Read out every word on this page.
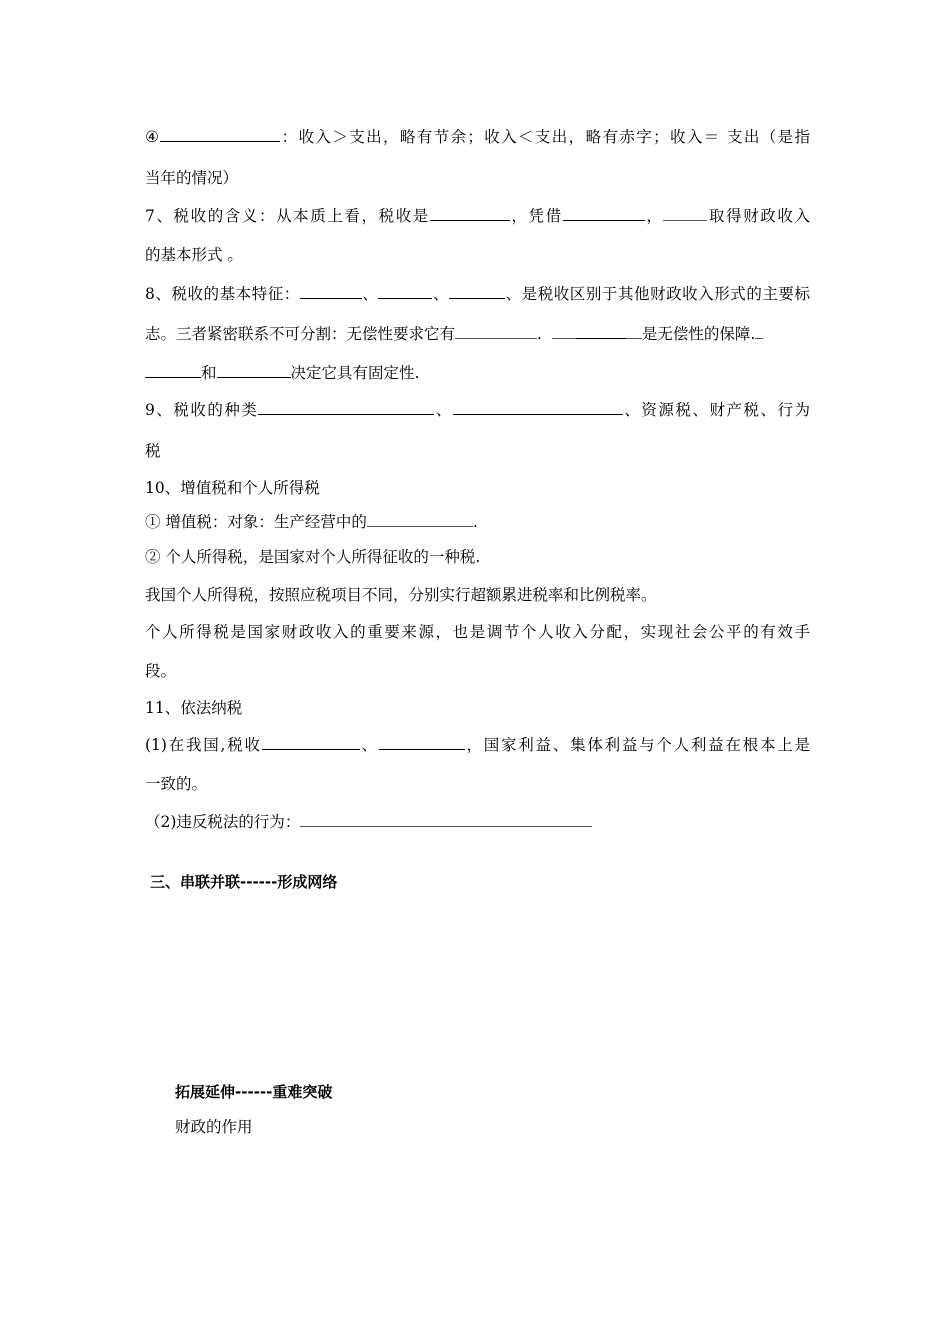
④	：收入＞支出，略有节余；收入＜支出，略有赤字；收入＝ 支出（是指
当年的情况）
7、税收的含义：从本质上看，税收是	，凭借	，	取得财政收入
的基本形式 。
8、税收的基本特征：	、	、	、是税收区别于其他财政收入形式的主要标
志。三者紧密联系不可分割：无偿性要求它有	.	是无偿性的保障.
和	决定它具有固定性.
9、税收的种类	、	、资源税、财产税、行为
税
10、增值税和个人所得税
① 增值税：对象：生产经营中的	.
② 个人所得税，是国家对个人所得征收的一种税.
我国个人所得税，按照应税项目不同，分别实行超额累进税率和比例税率。
个人所得税是国家财政收入的重要来源，也是调节个人收入分配，实现社会公平的有效手
段。
11、依法纳税
(1)在我国,税收	、	，国家利益、集体利益与个人利益在根本上是
一致的。
（2)违反税法的行为：
三、串联并联------形成网络
拓展延伸------重难突破
财政的作用
